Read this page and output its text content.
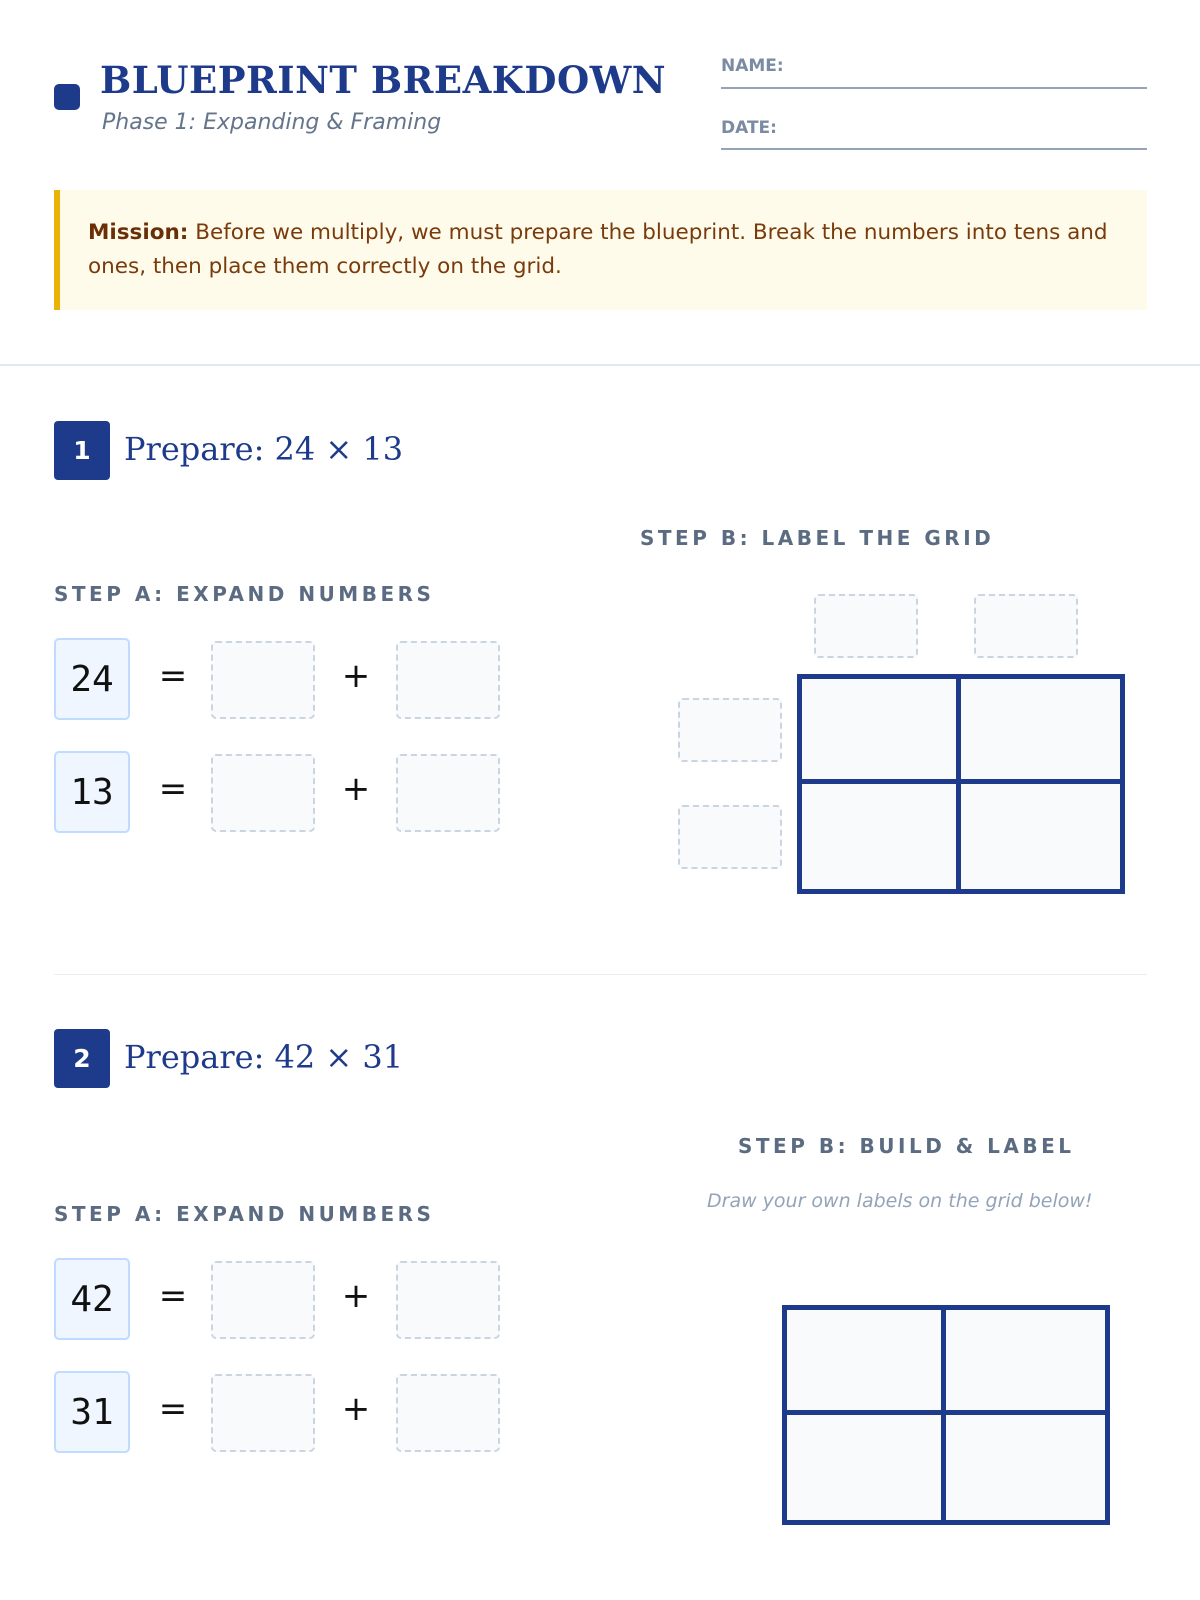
BLUEPRINT BREAKDOWN
Phase 1: Expanding & Framing
NAME:
DATE:
Mission: Before we multiply, we must prepare the blueprint. Break the numbers into tens and ones, then place them correctly on the grid.
1	Prepare: 24 × 13
STEP A: EXPAND NUMBERS
STEP B: LABEL THE GRID
24	=	+
13	=	+
2	Prepare: 42 × 31
STEP A: EXPAND NUMBERS
STEP B: BUILD & LABEL
Draw your own labels on the grid below!
42	=	+
31	=	+
